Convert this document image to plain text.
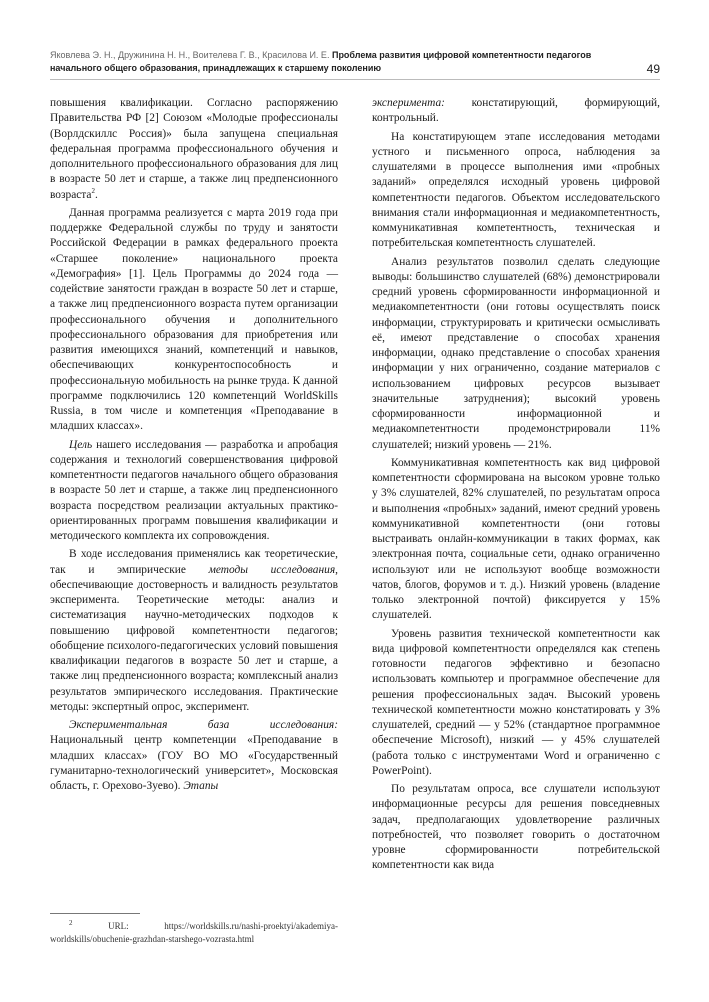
Яковлева Э. Н., Дружинина Н. Н., Воителева Г. В., Красилова И. Е. Проблема развития цифровой компетентности педагогов начального общего образования, принадлежащих к старшему поколению	49

повышения квалификации. Согласно распоряжению Правительства РФ [2] Союзом «Молодые профессионалы (Ворлдскиллс Россия)» была запущена специальная федеральная программа профессионального обучения и дополнительного профессионального образования для лиц в возрасте 50 лет и старше, а также лиц предпенсионного возраста$^2$.

Данная программа реализуется с марта 2019 года при поддержке Федеральной службы по труду и занятости Российской Федерации в рамках федерального проекта «Старшее поколение» национального проекта «Демография» [1]. Цель Программы до 2024 года — содействие занятости граждан в возрасте 50 лет и старше, а также лиц предпенсионного возраста путем организации профессионального обучения и дополнительного профессионального образования для приобретения или развития имеющихся знаний, компетенций и навыков, обеспечивающих конкурентоспособность и профессиональную мобильность на рынке труда. К данной программе подключились 120 компетенций WorldSkills Russia, в том числе и компетенция «Преподавание в младших классах».

Цель нашего исследования — разработка и апробация содержания и технологий совершенствования цифровой компетентности педагогов начального общего образования в возрасте 50 лет и старше, а также лиц предпенсионного возраста посредством реализации актуальных практико-ориентированных программ повышения квалификации и методического комплекта их сопровождения.

В ходе исследования применялись как теоретические, так и эмпирические методы исследования, обеспечивающие достоверность и валидность результатов эксперимента. Теоретические методы: анализ и систематизация научно-методических подходов к повышению цифровой компетентности педагогов; обобщение психолого-педагогических условий повышения квалификации педагогов в возрасте 50 лет и старше, а также лиц предпенсионного возраста; комплексный анализ результатов эмпирического исследования. Практические методы: экспертный опрос, эксперимент.

Экспериментальная база исследования: Национальный центр компетенции «Преподавание в младших классах» (ГОУ ВО МО «Государственный гуманитарно-технологический университет», Московская область, г. Орехово-Зуево). Этапы

эксперимента: констатирующий, формирующий, контрольный.

На констатирующем этапе исследования методами устного и письменного опроса, наблюдения за слушателями в процессе выполнения ими «пробных заданий» определялся исходный уровень цифровой компетентности педагогов. Объектом исследовательского внимания стали информационная и медиакомпетентность, коммуникативная компетентность, техническая и потребительская компетентность слушателей.

Анализ результатов позволил сделать следующие выводы: большинство слушателей (68%) демонстрировали средний уровень сформированности информационной и медиакомпетентности (они готовы осуществлять поиск информации, структурировать и критически осмысливать её, имеют представление о способах хранения информации, однако представление о способах хранения информации у них ограниченно, создание материалов с использованием цифровых ресурсов вызывает значительные затруднения); высокий уровень сформированности информационной и медиакомпетентности продемонстрировали 11% слушателей; низкий уровень — 21%.

Коммуникативная компетентность как вид цифровой компетентности сформирована на высоком уровне только у 3% слушателей, 82% слушателей, по результатам опроса и выполнения «пробных» заданий, имеют средний уровень коммуникативной компетентности (они готовы выстраивать онлайн-коммуникации в таких формах, как электронная почта, социальные сети, однако ограниченно используют или не используют вообще возможности чатов, блогов, форумов и т. д.). Низкий уровень (владение только электронной почтой) фиксируется у 15% слушателей.

Уровень развития технической компетентности как вида цифровой компетентности определялся как степень готовности педагогов эффективно и безопасно использовать компьютер и программное обеспечение для решения профессиональных задач. Высокий уровень технической компетентности можно констатировать у 3% слушателей, средний — у 52% (стандартное программное обеспечение Microsoft), низкий — у 45% слушателей (работа только с инструментами Word и ограниченно с PowerPoint).

По результатам опроса, все слушатели используют информационные ресурсы для решения повседневных задач, предполагающих удовлетворение различных потребностей, что позволяет говорить о достаточном уровне сформированности потребительской компетентности как вида

$^2$	URL: https://worldskills.ru/nashi-proektyi/akademiya-worldskills/obuchenie-grazhdan-starshego-vozrasta.html
